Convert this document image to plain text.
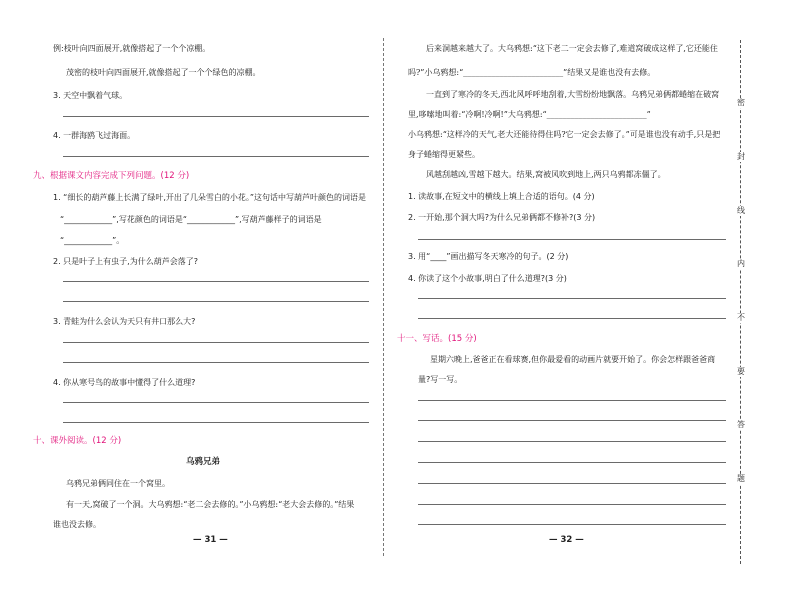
例:枝叶向四面展开,就像搭起了一个个凉棚。
茂密的枝叶向四面展开,就像搭起了一个个绿色的凉棚。
3. 天空中飘着气球。
4. 一群海鸥飞过海面。
九、根据课文内容完成下列问题。(12 分)
1. “细长的葫芦藤上长满了绿叶,开出了几朵雪白的小花。”这句话中写葫芦叶颜色的词语是
“____________”,写花颜色的词语是“____________”,写葫芦藤样子的词语是
“____________”。
2. 只是叶子上有虫子,为什么葫芦会落了?
3. 青蛙为什么会认为天只有井口那么大?
4. 你从寒号鸟的故事中懂得了什么道理?
十、课外阅读。(12 分)
乌鸦兄弟
乌鸦兄弟俩同住在一个窝里。
有一天,窝破了一个洞。大乌鸦想:“老二会去修的。”小乌鸦想:“老大会去修的。”结果
谁也没去修。
— 31 —
后来洞越来越大了。大乌鸦想:“这下老二一定会去修了,难道窝破成这样了,它还能住
吗?”小乌鸦想:“_________________________”结果又是谁也没有去修。
一直到了寒冷的冬天,西北风呼呼地刮着,大雪纷纷地飘落。乌鸦兄弟俩都蜷缩在破窝
里,哆嗦地叫着:“冷啊!冷啊!”大乌鸦想:“_________________________”
小乌鸦想:“这样冷的天气,老大还能待得住吗?它一定会去修了。”可是谁也没有动手,只是把
身子蜷缩得更紧些。
风越刮越凶,雪越下越大。结果,窝被风吹到地上,两只乌鸦都冻僵了。
1. 读故事,在短文中的横线上填上合适的语句。(4 分)
2. 一开始,那个洞大吗?为什么兄弟俩都不修补?(3 分)
3. 用“____”画出描写冬天寒冷的句子。(2 分)
4. 你读了这个小故事,明白了什么道理?(3 分)
十一、写话。(15 分)
星期六晚上,爸爸正在看球赛,但你最爱看的动画片就要开始了。你会怎样跟爸爸商
量?写一写。
— 32 —
密
封
线
内
不
要
答
题
